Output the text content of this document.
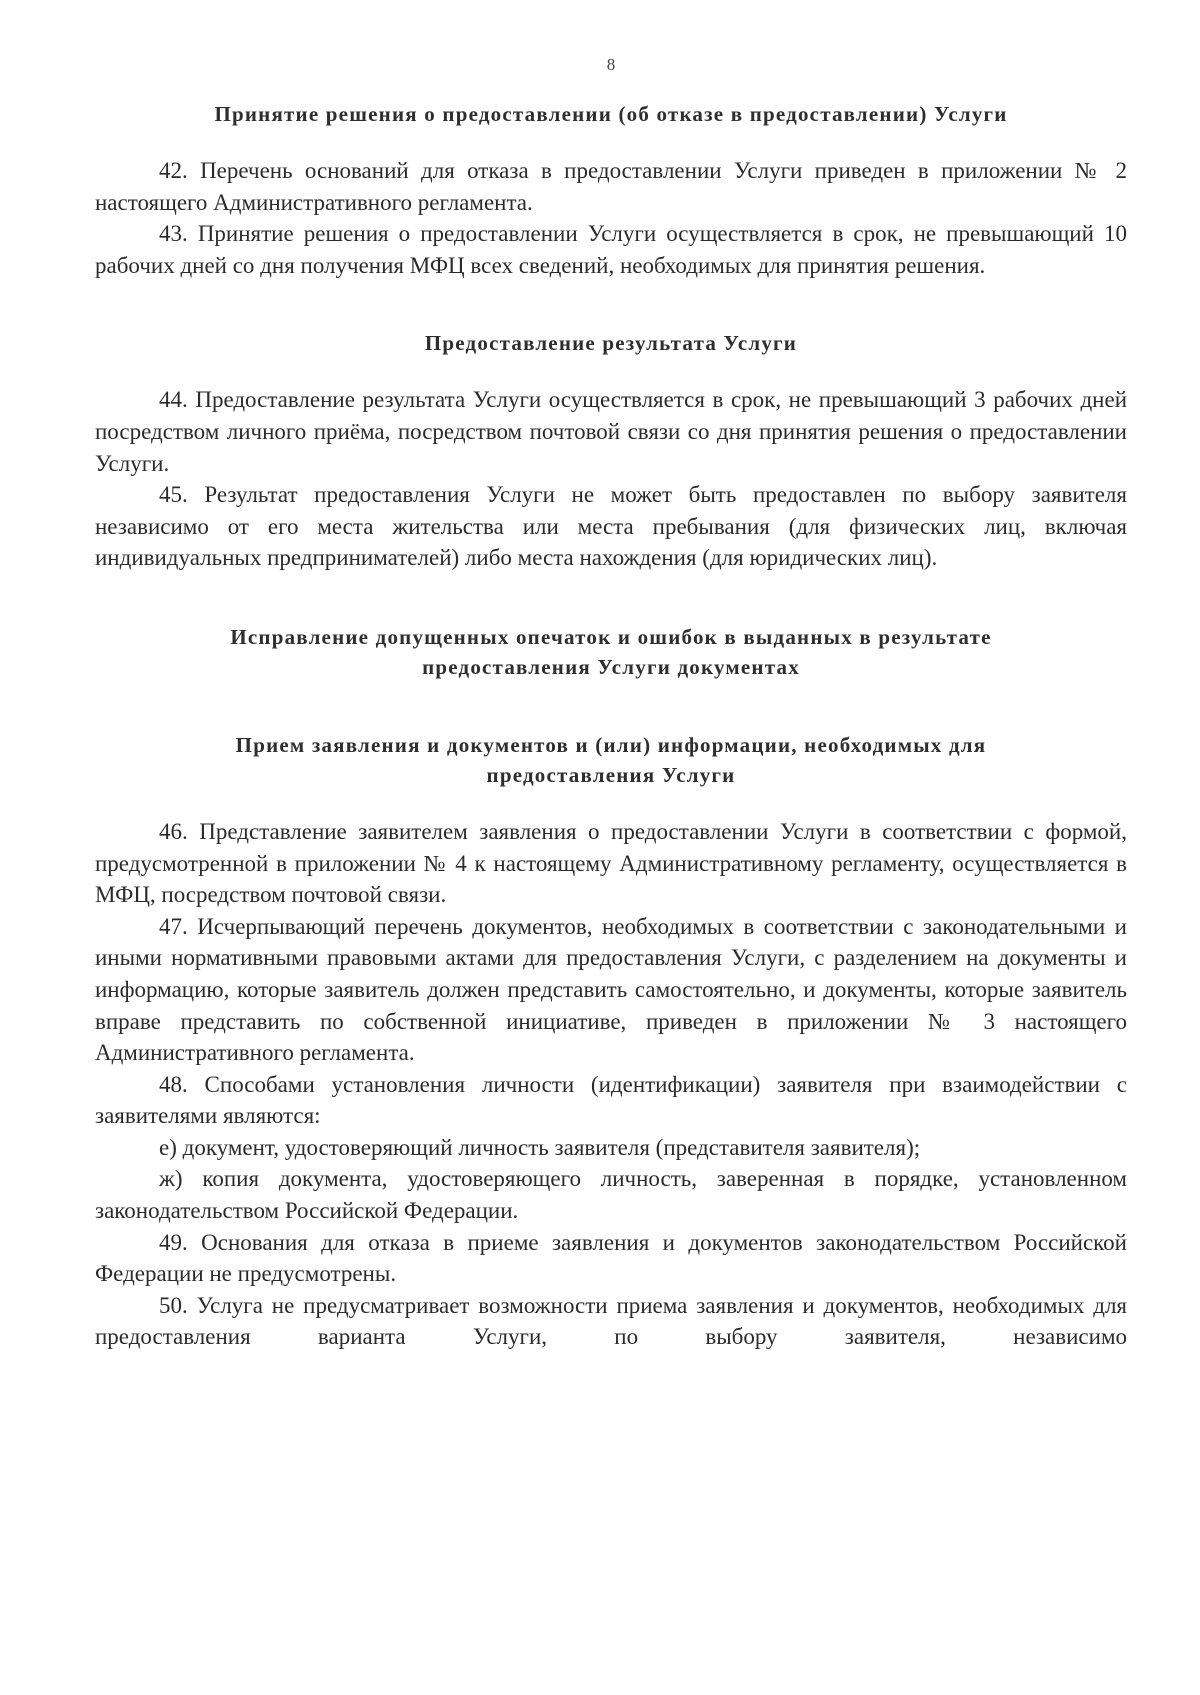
8
Принятие решения о предоставлении (об отказе в предоставлении) Услуги

42. Перечень оснований для отказа в предоставлении Услуги приведен в приложении № 2 настоящего Административного регламента.

43. Принятие решения о предоставлении Услуги осуществляется в срок, не превышающий 10 рабочих дней со дня получения МФЦ всех сведений, необходимых для принятия решения.

Предоставление результата Услуги

44. Предоставление результата Услуги осуществляется в срок, не превышающий 3 рабочих дней посредством личного приёма, посредством почтовой связи со дня принятия решения о предоставлении Услуги.

45. Результат предоставления Услуги не может быть предоставлен по выбору заявителя независимо от его места жительства или места пребывания (для физических лиц, включая индивидуальных предпринимателей) либо места нахождения (для юридических лиц).

Исправление допущенных опечаток и ошибок в выданных в результате
предоставления Услуги документах
Прием заявления и документов и (или) информации, необходимых для
предоставления Услуги

46. Представление заявителем заявления о предоставлении Услуги в соответствии с формой, предусмотренной в приложении № 4 к настоящему Административному регламенту, осуществляется в МФЦ, посредством почтовой связи.

47. Исчерпывающий перечень документов, необходимых в соответствии с законодательными и иными нормативными правовыми актами для предоставления Услуги, с разделением на документы и информацию, которые заявитель должен представить самостоятельно, и документы, которые заявитель вправе представить по собственной инициативе, приведен в приложении № 3 настоящего Административного регламента.

48. Способами установления личности (идентификации) заявителя при взаимодействии с заявителями являются:

е) документ, удостоверяющий личность заявителя (представителя заявителя);

ж) копия документа, удостоверяющего личность, заверенная в порядке, установленном законодательством Российской Федерации.

49. Основания для отказа в приеме заявления и документов законодательством Российской Федерации не предусмотрены.

50. Услуга не предусматривает возможности приема заявления и документов, необходимых для предоставления варианта Услуги, по выбору заявителя, независимо
